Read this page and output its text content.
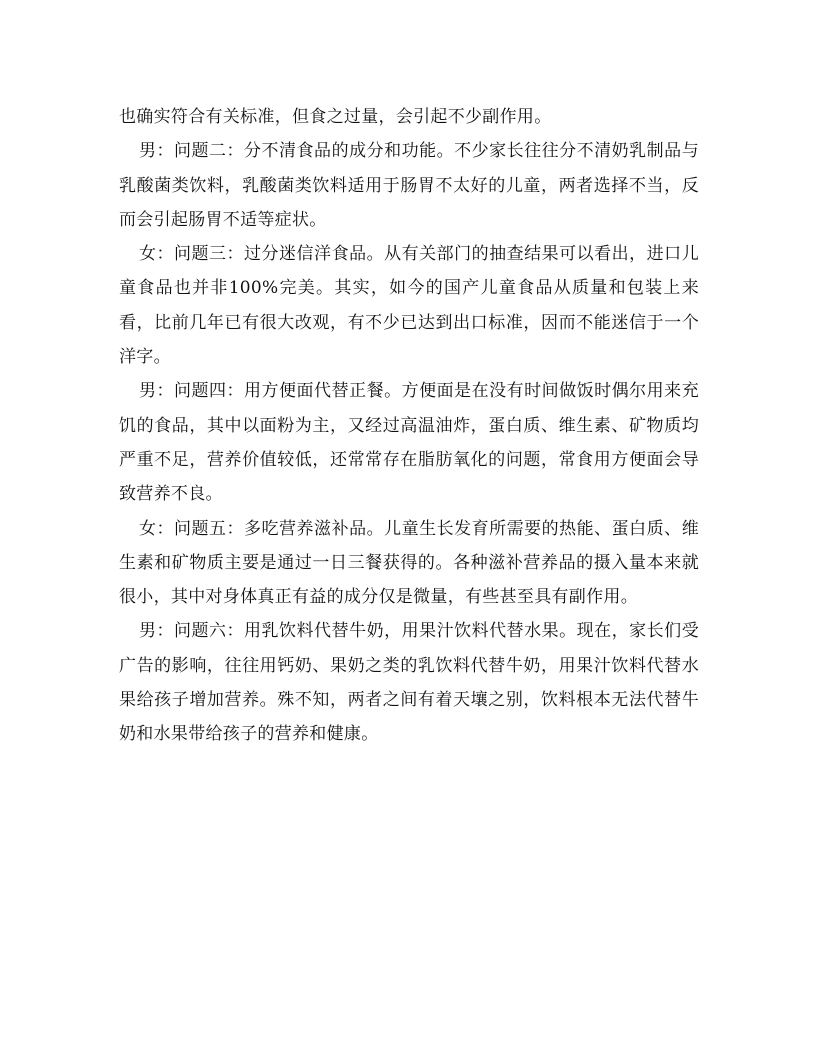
也确实符合有关标准，但食之过量，会引起不少副作用。

男：问题二：分不清食品的成分和功能。不少家长往往分不清奶乳制品与乳酸菌类饮料，乳酸菌类饮料适用于肠胃不太好的儿童，两者选择不当，反而会引起肠胃不适等症状。

女：问题三：过分迷信洋食品。从有关部门的抽查结果可以看出，进口儿童食品也并非100%完美。其实，如今的国产儿童食品从质量和包装上来看，比前几年已有很大改观，有不少已达到出口标准，因而不能迷信于一个洋字。

男：问题四：用方便面代替正餐。方便面是在没有时间做饭时偶尔用来充饥的食品，其中以面粉为主，又经过高温油炸，蛋白质、维生素、矿物质均严重不足，营养价值较低，还常常存在脂肪氧化的问题，常食用方便面会导致营养不良。

女：问题五：多吃营养滋补品。儿童生长发育所需要的热能、蛋白质、维生素和矿物质主要是通过一日三餐获得的。各种滋补营养品的摄入量本来就很小，其中对身体真正有益的成分仅是微量，有些甚至具有副作用。

男：问题六：用乳饮料代替牛奶，用果汁饮料代替水果。现在，家长们受广告的影响，往往用钙奶、果奶之类的乳饮料代替牛奶，用果汁饮料代替水果给孩子增加营养。殊不知，两者之间有着天壤之别，饮料根本无法代替牛奶和水果带给孩子的营养和健康。
